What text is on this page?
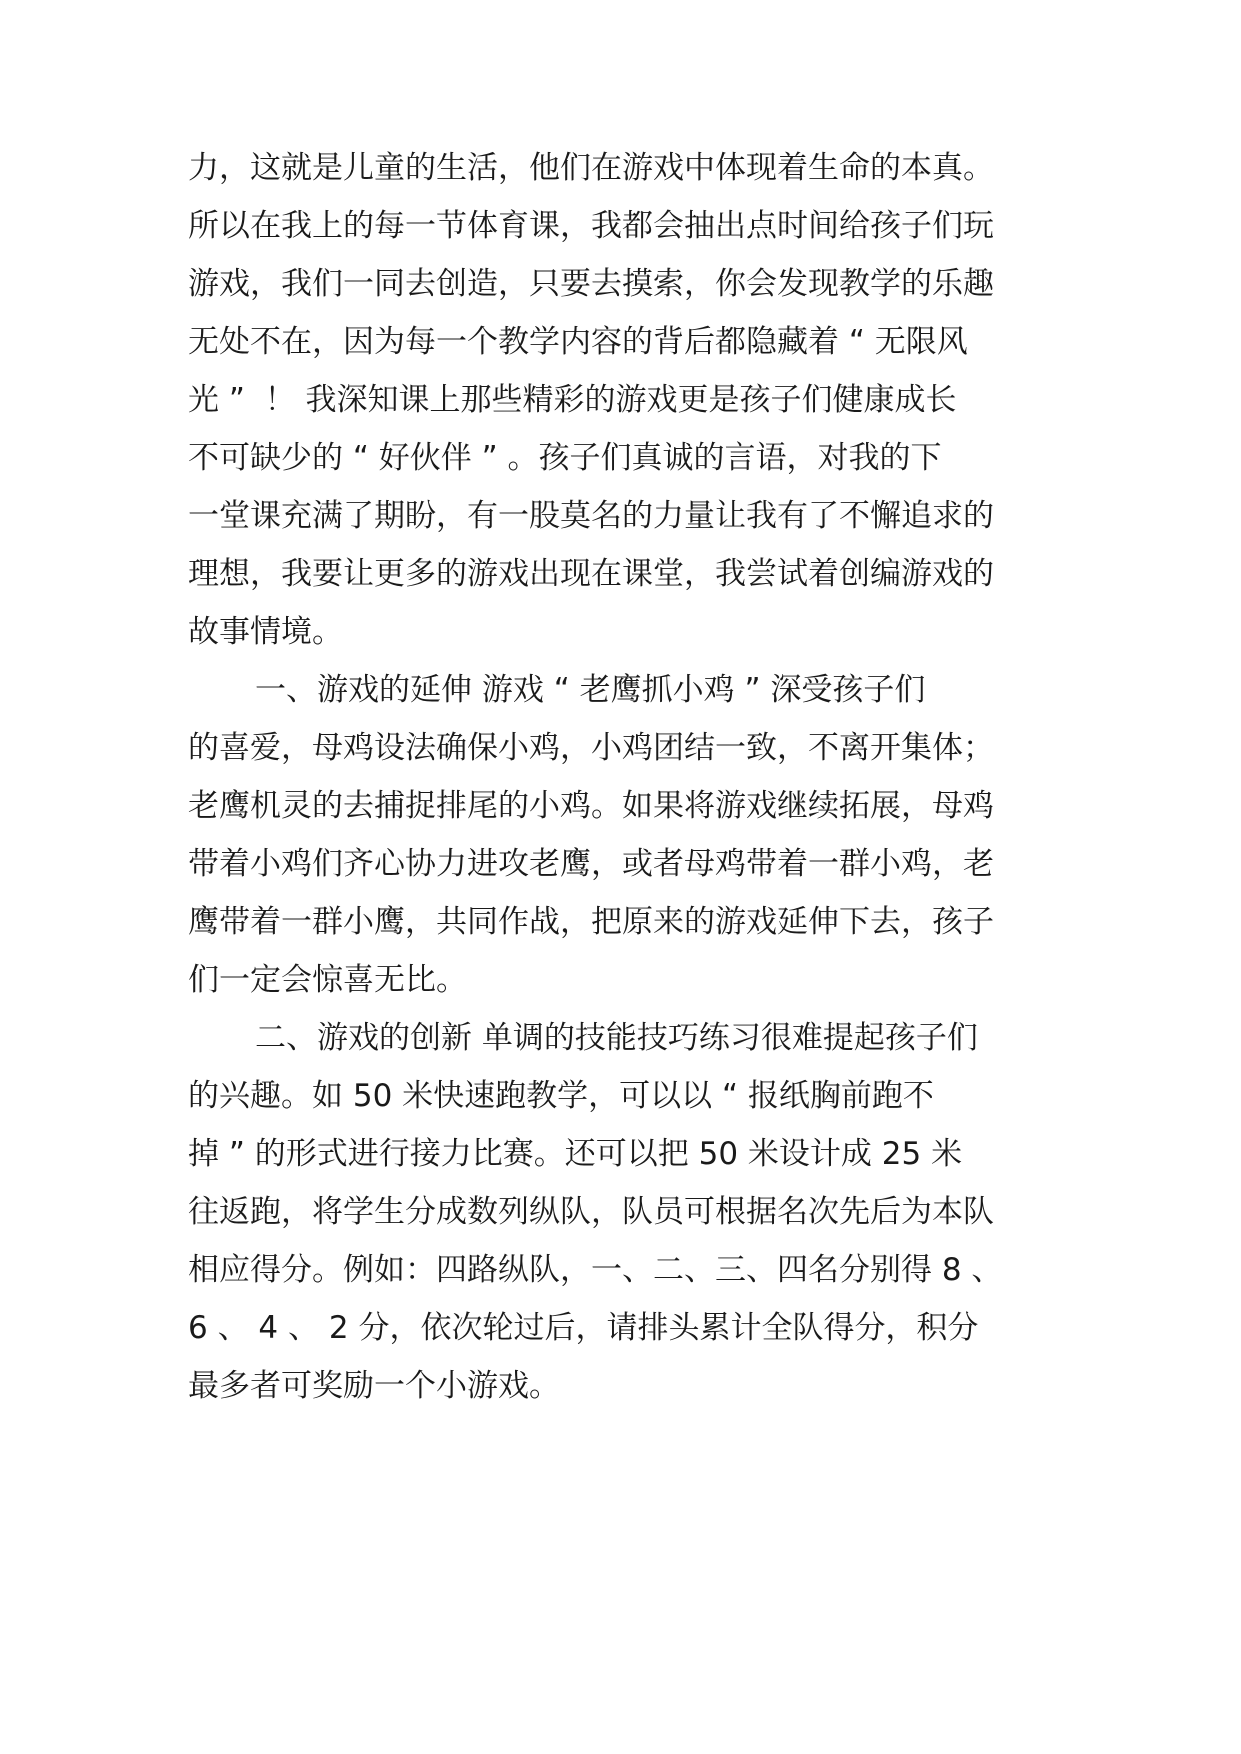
力，这就是儿童的生活，他们在游戏中体现着生命的本真。

所以在我上的每一节体育课，我都会抽出点时间给孩子们玩

游戏，我们一同去创造，只要去摸索，你会发现教学的乐趣

无处不在，因为每一个教学内容的背后都隐藏着 “ 无限风

光 ”  ！ 我深知课上那些精彩的游戏更是孩子们健康成长

不可缺少的 “ 好伙伴 ” 。孩子们真诚的言语，对我的下

一堂课充满了期盼，有一股莫名的力量让我有了不懈追求的

理想，我要让更多的游戏出现在课堂，我尝试着创编游戏的

故事情境。

一、游戏的延伸 游戏 “ 老鹰抓小鸡 ” 深受孩子们

的喜爱，母鸡设法确保小鸡，小鸡团结一致，不离开集体；

老鹰机灵的去捕捉排尾的小鸡。如果将游戏继续拓展，母鸡

带着小鸡们齐心协力进攻老鹰，或者母鸡带着一群小鸡，老

鹰带着一群小鹰，共同作战，把原来的游戏延伸下去，孩子

们一定会惊喜无比。

二、游戏的创新 单调的技能技巧练习很难提起孩子们

的兴趣。如 50 米快速跑教学，可以以 “ 报纸胸前跑不

掉 ” 的形式进行接力比赛。还可以把 50 米设计成 25 米

往返跑，将学生分成数列纵队，队员可根据名次先后为本队

相应得分。例如：四路纵队，一、二、三、四名分别得 8 、

6 、 4 、 2 分，依次轮过后，请排头累计全队得分，积分

最多者可奖励一个小游戏。
